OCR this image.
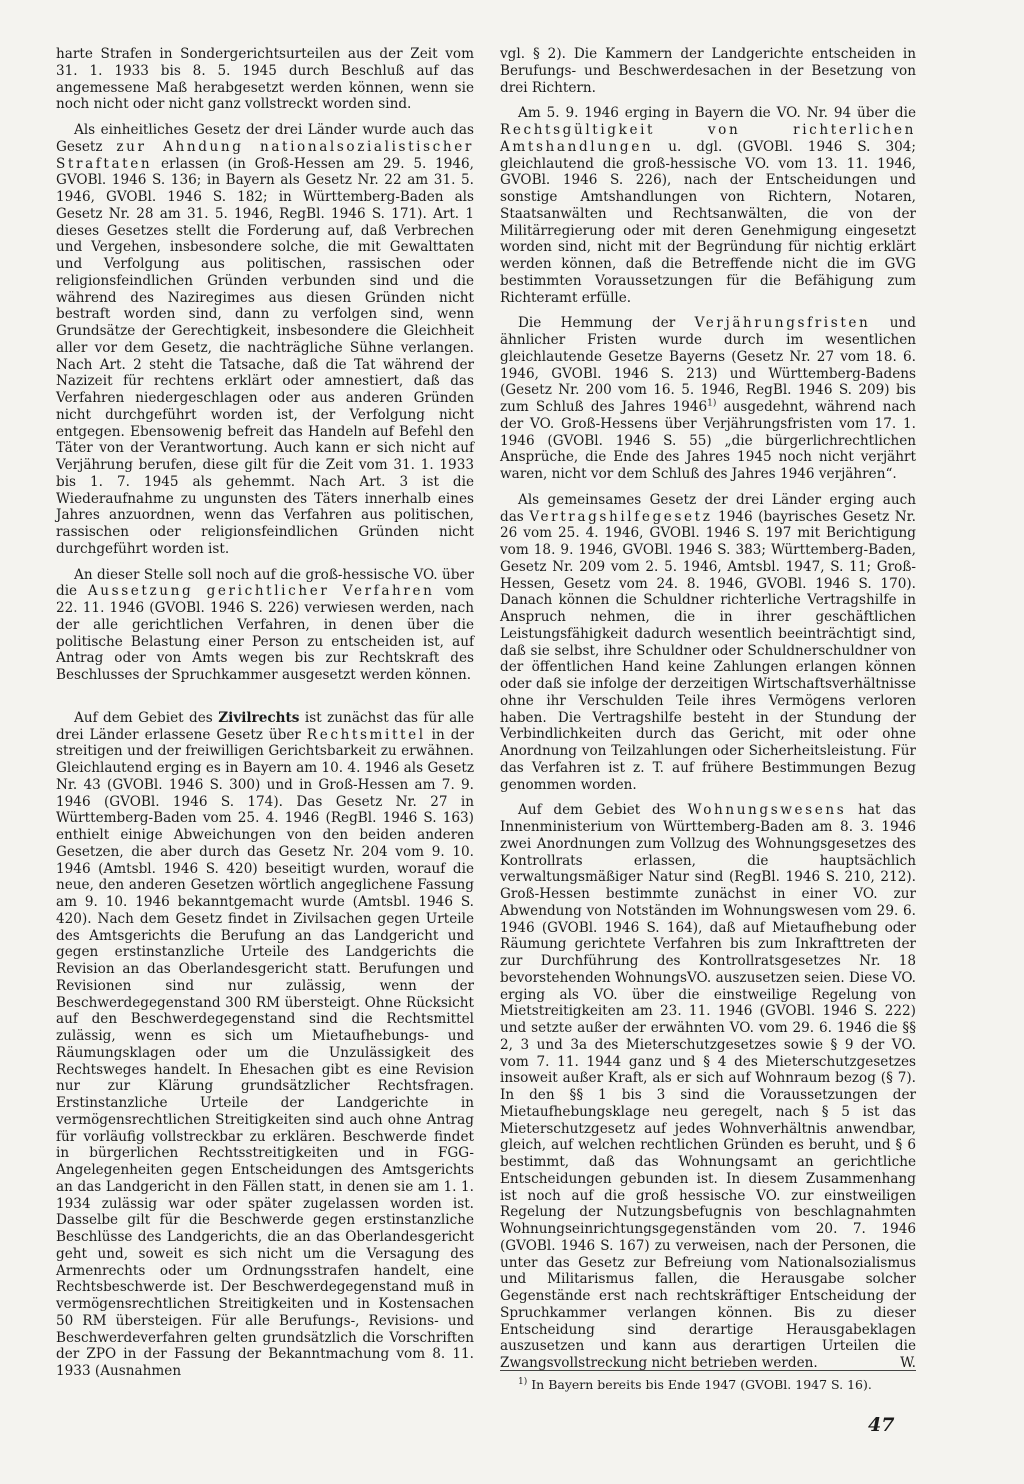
harte Strafen in Sondergerichtsurteilen aus der Zeit vom 31. 1. 1933 bis 8. 5. 1945 durch Beschluß auf das angemessene Maß herabgesetzt werden können, wenn sie noch nicht oder nicht ganz vollstreckt worden sind.

Als einheitliches Gesetz der drei Länder wurde auch das Gesetz zur Ahndung nationalsozialistischer Straftaten erlassen (in Groß-Hessen am 29. 5. 1946, GVOBl. 1946 S. 136; in Bayern als Gesetz Nr. 22 am 31. 5. 1946, GVOBl. 1946 S. 182; in Württemberg-Baden als Gesetz Nr. 28 am 31. 5. 1946, RegBl. 1946 S. 171). Art. 1 dieses Gesetzes stellt die Forderung auf, daß Verbrechen und Vergehen, insbesondere solche, die mit Gewalttaten und Verfolgung aus politischen, rassischen oder religionsfeindlichen Gründen verbunden sind und die während des Naziregimes aus diesen Gründen nicht bestraft worden sind, dann zu verfolgen sind, wenn Grundsätze der Gerechtigkeit, insbesondere die Gleichheit aller vor dem Gesetz, die nachträgliche Sühne verlangen. Nach Art. 2 steht die Tatsache, daß die Tat während der Nazizeit für rechtens erklärt oder amnestiert, daß das Verfahren niedergeschlagen oder aus anderen Gründen nicht durchgeführt worden ist, der Verfolgung nicht entgegen. Ebensowenig befreit das Handeln auf Befehl den Täter von der Verantwortung. Auch kann er sich nicht auf Verjährung berufen, diese gilt für die Zeit vom 31. 1. 1933 bis 1. 7. 1945 als gehemmt. Nach Art. 3 ist die Wiederaufnahme zu ungunsten des Täters innerhalb eines Jahres anzuordnen, wenn das Verfahren aus politischen, rassischen oder religionsfeindlichen Gründen nicht durchgeführt worden ist.

An dieser Stelle soll noch auf die groß-hessische VO. über die Aussetzung gerichtlicher Verfahren vom 22. 11. 1946 (GVOBl. 1946 S. 226) verwiesen werden, nach der alle gerichtlichen Verfahren, in denen über die politische Belastung einer Person zu entscheiden ist, auf Antrag oder von Amts wegen bis zur Rechtskraft des Beschlusses der Spruchkammer ausgesetzt werden können.

Auf dem Gebiet des Zivilrechts ist zunächst das für alle drei Länder erlassene Gesetz über Rechtsmittel in der streitigen und der freiwilligen Gerichtsbarkeit zu erwähnen. Gleichlautend erging es in Bayern am 10. 4. 1946 als Gesetz Nr. 43 (GVOBl. 1946 S. 300) und in Groß-Hessen am 7. 9. 1946 (GVOBl. 1946 S. 174). Das Gesetz Nr. 27 in Württemberg-Baden vom 25. 4. 1946 (RegBl. 1946 S. 163) enthielt einige Abweichungen von den beiden anderen Gesetzen, die aber durch das Gesetz Nr. 204 vom 9. 10. 1946 (Amtsbl. 1946 S. 420) beseitigt wurden, worauf die neue, den anderen Gesetzen wörtlich angeglichene Fassung am 9. 10. 1946 bekanntgemacht wurde (Amtsbl. 1946 S. 420). Nach dem Gesetz findet in Zivilsachen gegen Urteile des Amtsgerichts die Berufung an das Landgericht und gegen erstinstanzliche Urteile des Landgerichts die Revision an das Oberlandesgericht statt. Berufungen und Revisionen sind nur zulässig, wenn der Beschwerdegegenstand 300 RM übersteigt. Ohne Rücksicht auf den Beschwerdegegenstand sind die Rechtsmittel zulässig, wenn es sich um Mietaufhebungs- und Räumungsklagen oder um die Unzulässigkeit des Rechtsweges handelt. In Ehesachen gibt es eine Revision nur zur Klärung grundsätzlicher Rechtsfragen. Erstinstanzliche Urteile der Landgerichte in vermögensrechtlichen Streitigkeiten sind auch ohne Antrag für vorläufig vollstreckbar zu erklären. Beschwerde findet in bürgerlichen Rechtsstreitigkeiten und in FGG-Angelegenheiten gegen Entscheidungen des Amtsgerichts an das Landgericht in den Fällen statt, in denen sie am 1. 1. 1934 zulässig war oder später zugelassen worden ist. Dasselbe gilt für die Beschwerde gegen erstinstanzliche Beschlüsse des Landgerichts, die an das Oberlandesgericht geht und, soweit es sich nicht um die Versagung des Armenrechts oder um Ordnungsstrafen handelt, eine Rechtsbeschwerde ist. Der Beschwerdegegenstand muß in vermögensrechtlichen Streitigkeiten und in Kostensachen 50 RM übersteigen. Für alle Berufungs-, Revisions- und Beschwerdeverfahren gelten grundsätzlich die Vorschriften der ZPO in der Fassung der Bekanntmachung vom 8. 11. 1933 (Ausnahmen

vgl. § 2). Die Kammern der Landgerichte entscheiden in Berufungs- und Beschwerdesachen in der Besetzung von drei Richtern.

Am 5. 9. 1946 erging in Bayern die VO. Nr. 94 über die Rechtsgültigkeit von richterlichen Amtshandlungen u. dgl. (GVOBl. 1946 S. 304; gleichlautend die groß-hessische VO. vom 13. 11. 1946, GVOBl. 1946 S. 226), nach der Entscheidungen und sonstige Amtshandlungen von Richtern, Notaren, Staatsanwälten und Rechtsanwälten, die von der Militärregierung oder mit deren Genehmigung eingesetzt worden sind, nicht mit der Begründung für nichtig erklärt werden können, daß die Betreffende nicht die im GVG bestimmten Voraussetzungen für die Befähigung zum Richteramt erfülle.

Die Hemmung der Verjährungsfristen und ähnlicher Fristen wurde durch im wesentlichen gleichlautende Gesetze Bayerns (Gesetz Nr. 27 vom 18. 6. 1946, GVOBl. 1946 S. 213) und Württemberg-Badens (Gesetz Nr. 200 vom 16. 5. 1946, RegBl. 1946 S. 209) bis zum Schluß des Jahres 1946$^{1)}$ ausgedehnt, während nach der VO. Groß-Hessens über Verjährungsfristen vom 17. 1. 1946 (GVOBl. 1946 S. 55) „die bürgerlichrechtlichen Ansprüche, die Ende des Jahres 1945 noch nicht verjährt waren, nicht vor dem Schluß des Jahres 1946 verjähren“.

Als gemeinsames Gesetz der drei Länder erging auch das Vertragshilfegesetz 1946 (bayrisches Gesetz Nr. 26 vom 25. 4. 1946, GVOBl. 1946 S. 197 mit Berichtigung vom 18. 9. 1946, GVOBl. 1946 S. 383; Württemberg-Baden, Gesetz Nr. 209 vom 2. 5. 1946, Amtsbl. 1947, S. 11; Groß-Hessen, Gesetz vom 24. 8. 1946, GVOBl. 1946 S. 170). Danach können die Schuldner richterliche Vertragshilfe in Anspruch nehmen, die in ihrer geschäftlichen Leistungsfähigkeit dadurch wesentlich beeinträchtigt sind, daß sie selbst, ihre Schuldner oder Schuldnerschuldner von der öffentlichen Hand keine Zahlungen erlangen können oder daß sie infolge der derzeitigen Wirtschaftsverhältnisse ohne ihr Verschulden Teile ihres Vermögens verloren haben. Die Vertragshilfe besteht in der Stundung der Verbindlichkeiten durch das Gericht, mit oder ohne Anordnung von Teilzahlungen oder Sicherheitsleistung. Für das Verfahren ist z. T. auf frühere Bestimmungen Bezug genommen worden.

Auf dem Gebiet des Wohnungswesens hat das Innenministerium von Württemberg-Baden am 8. 3. 1946 zwei Anordnungen zum Vollzug des Wohnungsgesetzes des Kontrollrats erlassen, die hauptsächlich verwaltungsmäßiger Natur sind (RegBl. 1946 S. 210, 212). Groß-Hessen bestimmte zunächst in einer VO. zur Abwendung von Notständen im Wohnungswesen vom 29. 6. 1946 (GVOBl. 1946 S. 164), daß auf Mietaufhebung oder Räumung gerichtete Verfahren bis zum Inkrafttreten der zur Durchführung des Kontrollratsgesetzes Nr. 18 bevorstehenden WohnungsVO. auszusetzen seien. Diese VO. erging als VO. über die einstweilige Regelung von Mietstreitigkeiten am 23. 11. 1946 (GVOBl. 1946 S. 222) und setzte außer der erwähnten VO. vom 29. 6. 1946 die §§ 2, 3 und 3a des Mieterschutzgesetzes sowie § 9 der VO. vom 7. 11. 1944 ganz und § 4 des Mieterschutzgesetzes insoweit außer Kraft, als er sich auf Wohnraum bezog (§ 7). In den §§ 1 bis 3 sind die Voraussetzungen der Mietaufhebungsklage neu geregelt, nach § 5 ist das Mieterschutzgesetz auf jedes Wohnverhältnis anwendbar, gleich, auf welchen rechtlichen Gründen es beruht, und § 6 bestimmt, daß das Wohnungsamt an gerichtliche Entscheidungen gebunden ist. In diesem Zusammenhang ist noch auf die groß hessische VO. zur einstweiligen Regelung der Nutzungsbefugnis von beschlagnahmten Wohnungseinrichtungsgegenständen vom 20. 7. 1946 (GVOBl. 1946 S. 167) zu verweisen, nach der Personen, die unter das Gesetz zur Befreiung vom Nationalsozialismus und Militarismus fallen, die Herausgabe solcher Gegenstände erst nach rechtskräftiger Entscheidung der Spruchkammer verlangen können. Bis zu dieser Entscheidung sind derartige Herausgabeklagen auszusetzen und kann aus derartigen Urteilen die Zwangsvollstreckung nicht betrieben werden.	W.

$^{1)}$ In Bayern bereits bis Ende 1947 (GVOBl. 1947 S. 16).
47
